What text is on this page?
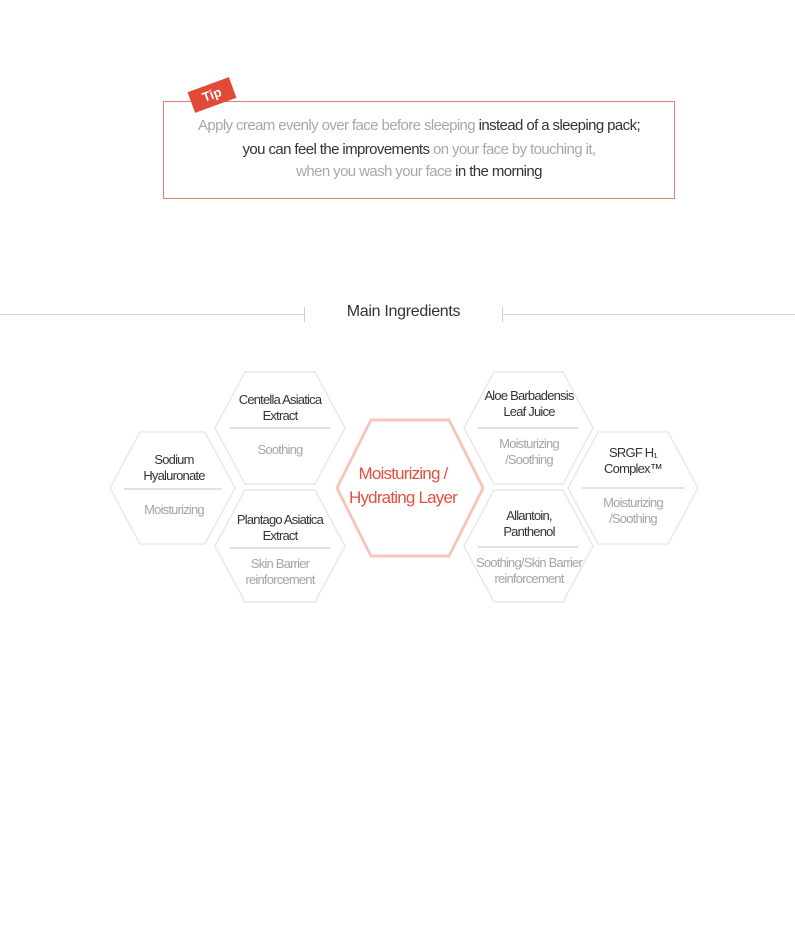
Tip
Apply cream evenly over face before sleeping instead of a sleeping pack;
you can feel the improvements on your face by touching it,
when you wash your face in the morning
Main Ingredients
Sodium
Hyaluronate
Moisturizing
Centella Asiatica
Extract
Soothing
Plantago Asiatica
Extract
Skin Barrier
reinforcement
Aloe Barbadensis
Leaf Juice
Moisturizing
/Soothing
Allantoin,
Panthenol
Soothing/Skin Barrier
reinforcement
SRGF H₁
Complex™
Moisturizing
/Soothing
Moisturizing /
Hydrating Layer
